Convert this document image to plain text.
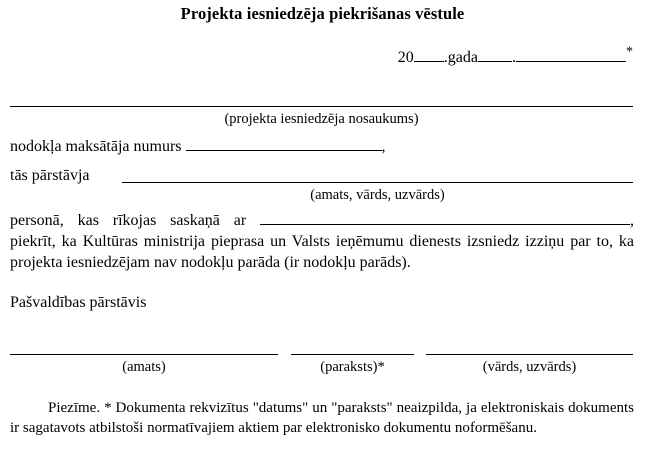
Projekta iesniedzēja piekrišanas vēstule
20 .gada .	*
(projekta iesniedzēja nosaukums)
nodokļa maksātāja numurs	,
tās pārstāvja
(amats, vārds, uzvārds)
personā, kas rīkojas saskaņā ar	, piekrīt, ka Kultūras ministrija pieprasa un Valsts ieņēmumu dienests izsniedz izziņu par to, ka projekta iesniedzējam nav nodokļu parāda (ir nodokļu parāds).
Pašvaldības pārstāvis
(amats)	(paraksts)*	(vārds, uzvārds)
Piezīme. * Dokumenta rekvizītus "datums" un "paraksts" neaizpilda, ja elektroniskais dokuments ir sagatavots atbilstoši normatīvajiem aktiem par elektronisko dokumentu noformēšanu.
